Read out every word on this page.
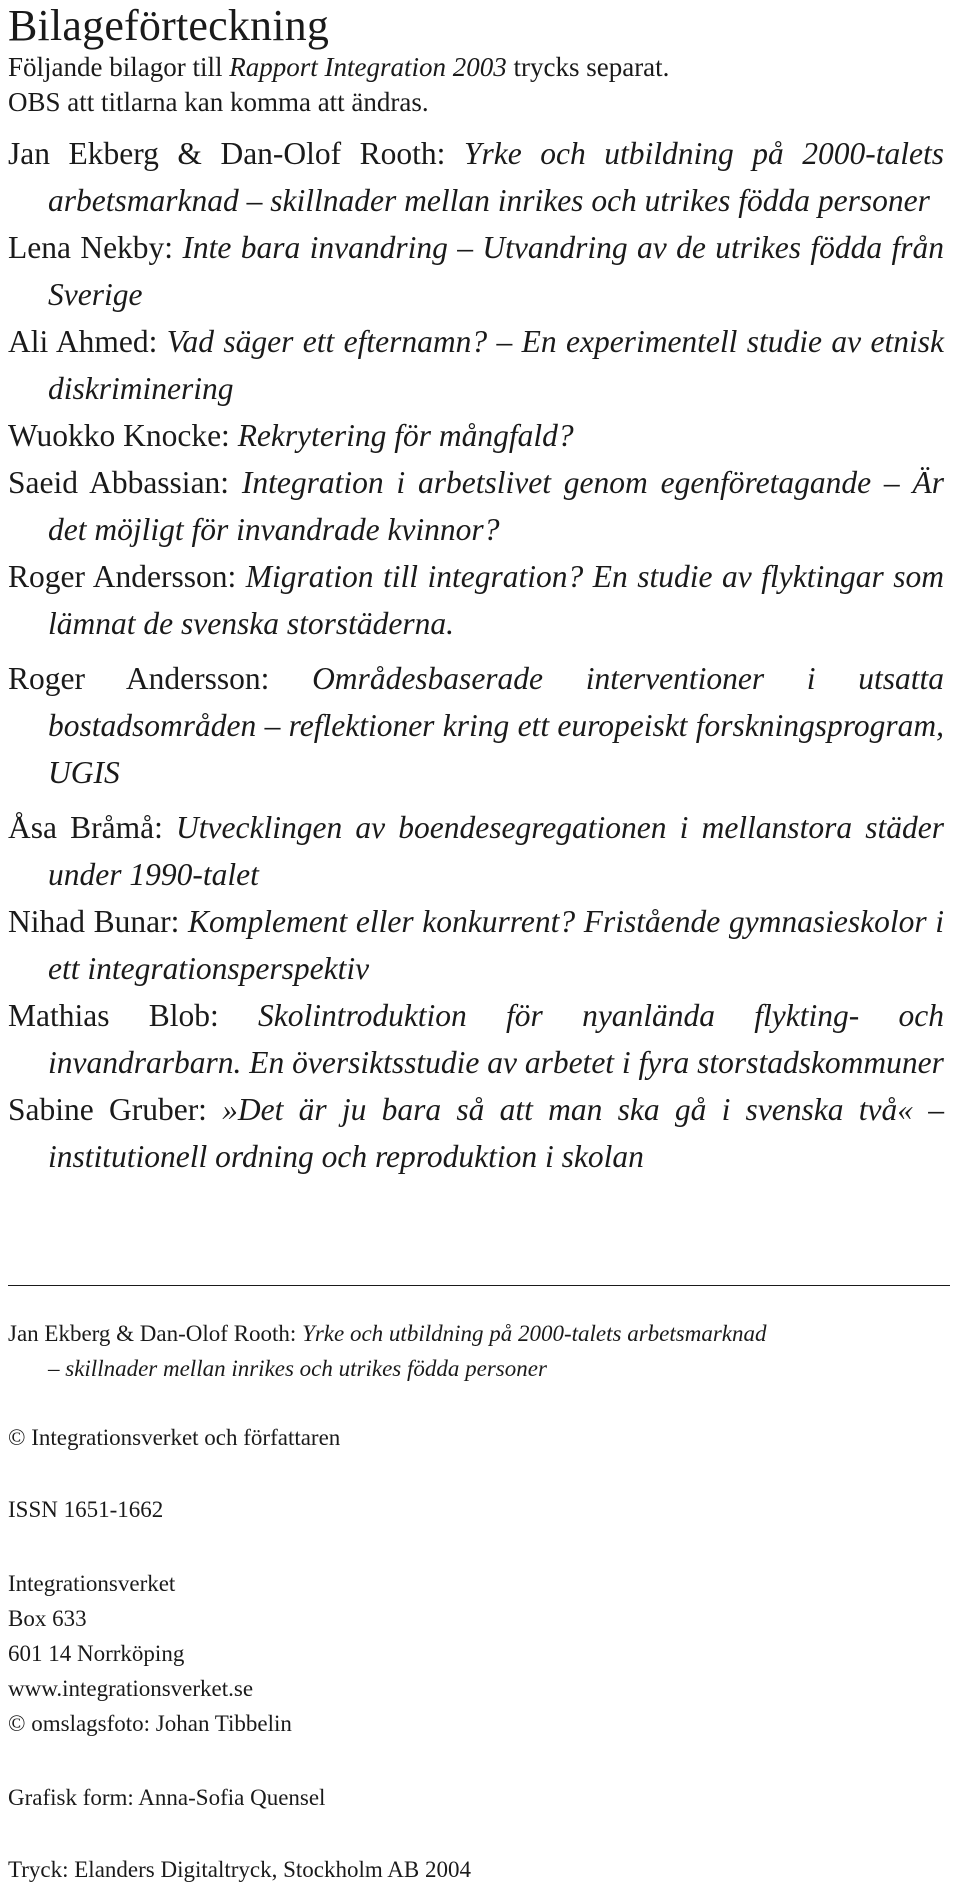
Bilageförteckning
Följande bilagor till Rapport Integration 2003 trycks separat.
OBS att titlarna kan komma att ändras.
Jan Ekberg & Dan-Olof Rooth: Yrke och utbildning på 2000-talets arbetsmarknad – skillnader mellan inrikes och utrikes födda personer
Lena Nekby: Inte bara invandring – Utvandring av de utrikes födda från Sverige
Ali Ahmed: Vad säger ett efternamn? – En experimentell studie av etnisk diskriminering
Wuokko Knocke: Rekrytering för mångfald?
Saeid Abbassian: Integration i arbetslivet genom egenföretagande – Är det möjligt för invandrade kvinnor?
Roger Andersson: Migration till integration? En studie av flyktingar som lämnat de svenska storstäderna.
Roger Andersson: Områdesbaserade interventioner i utsatta bostadsområden – reflektioner kring ett europeiskt forskningsprogram, UGIS
Åsa Bråmå: Utvecklingen av boendesegregationen i mellanstora städer under 1990-talet
Nihad Bunar: Komplement eller konkurrent? Fristående gymnasieskolor i ett integrationsperspektiv
Mathias Blob: Skolintroduktion för nyanlända flykting- och invandrarbarn. En översiktsstudie av arbetet i fyra storstadskommuner
Sabine Gruber: »Det är ju bara så att man ska gå i svenska två« – institutionell ordning och reproduktion i skolan
Jan Ekberg & Dan-Olof Rooth: Yrke och utbildning på 2000-talets arbetsmarknad
– skillnader mellan inrikes och utrikes födda personer
© Integrationsverket och författaren
ISSN 1651-1662
Integrationsverket
Box 633
601 14 Norrköping
www.integrationsverket.se
© omslagsfoto: Johan Tibbelin
Grafisk form: Anna-Sofia Quensel
Tryck: Elanders Digitaltryck, Stockholm AB 2004
